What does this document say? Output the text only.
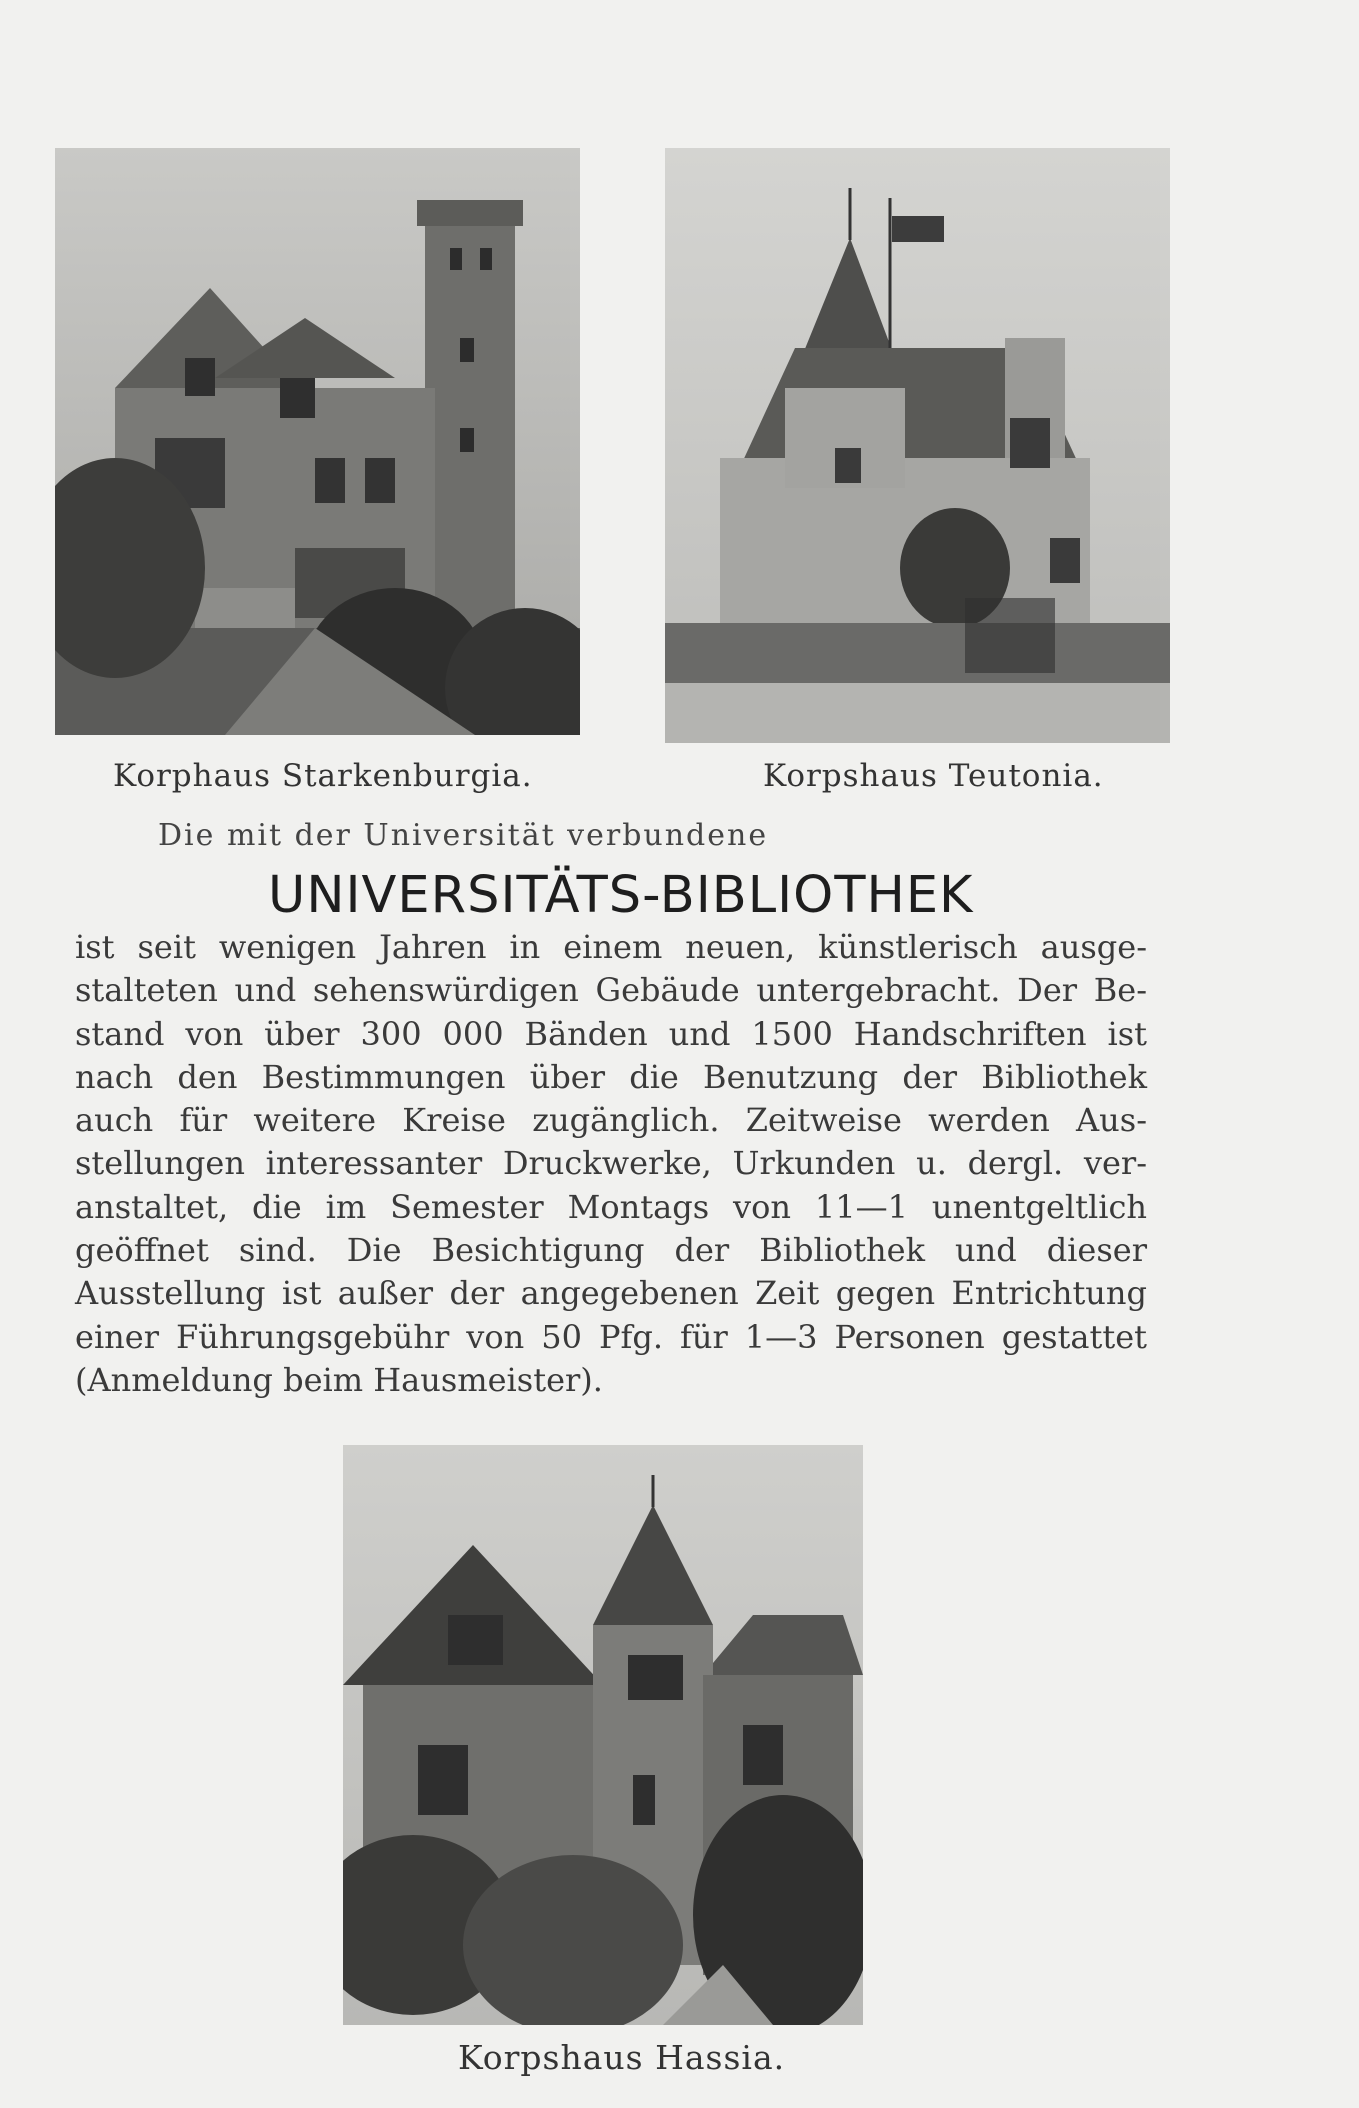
Korphaus Starkenburgia.	Korpshaus Teutonia.
Die mit der Universität verbundene
UNIVERSITÄTS-BIBLIOTHEK
ist seit wenigen Jahren in einem neuen, künstlerisch ausge-
stalteten und sehenswürdigen Gebäude untergebracht. Der Be-
stand von über 300 000 Bänden und 1500 Handschriften ist
nach den Bestimmungen über die Benutzung der Bibliothek
auch für weitere Kreise zugänglich. Zeitweise werden Aus-
stellungen interessanter Druckwerke, Urkunden u. dergl. ver-
anstaltet, die im Semester Montags von 11—1 unentgeltlich
geöffnet sind. Die Besichtigung der Bibliothek und dieser
Ausstellung ist außer der angegebenen Zeit gegen Entrichtung
einer Führungsgebühr von 50 Pfg. für 1—3 Personen gestattet
(Anmeldung beim Hausmeister).
Korpshaus Hassia.
